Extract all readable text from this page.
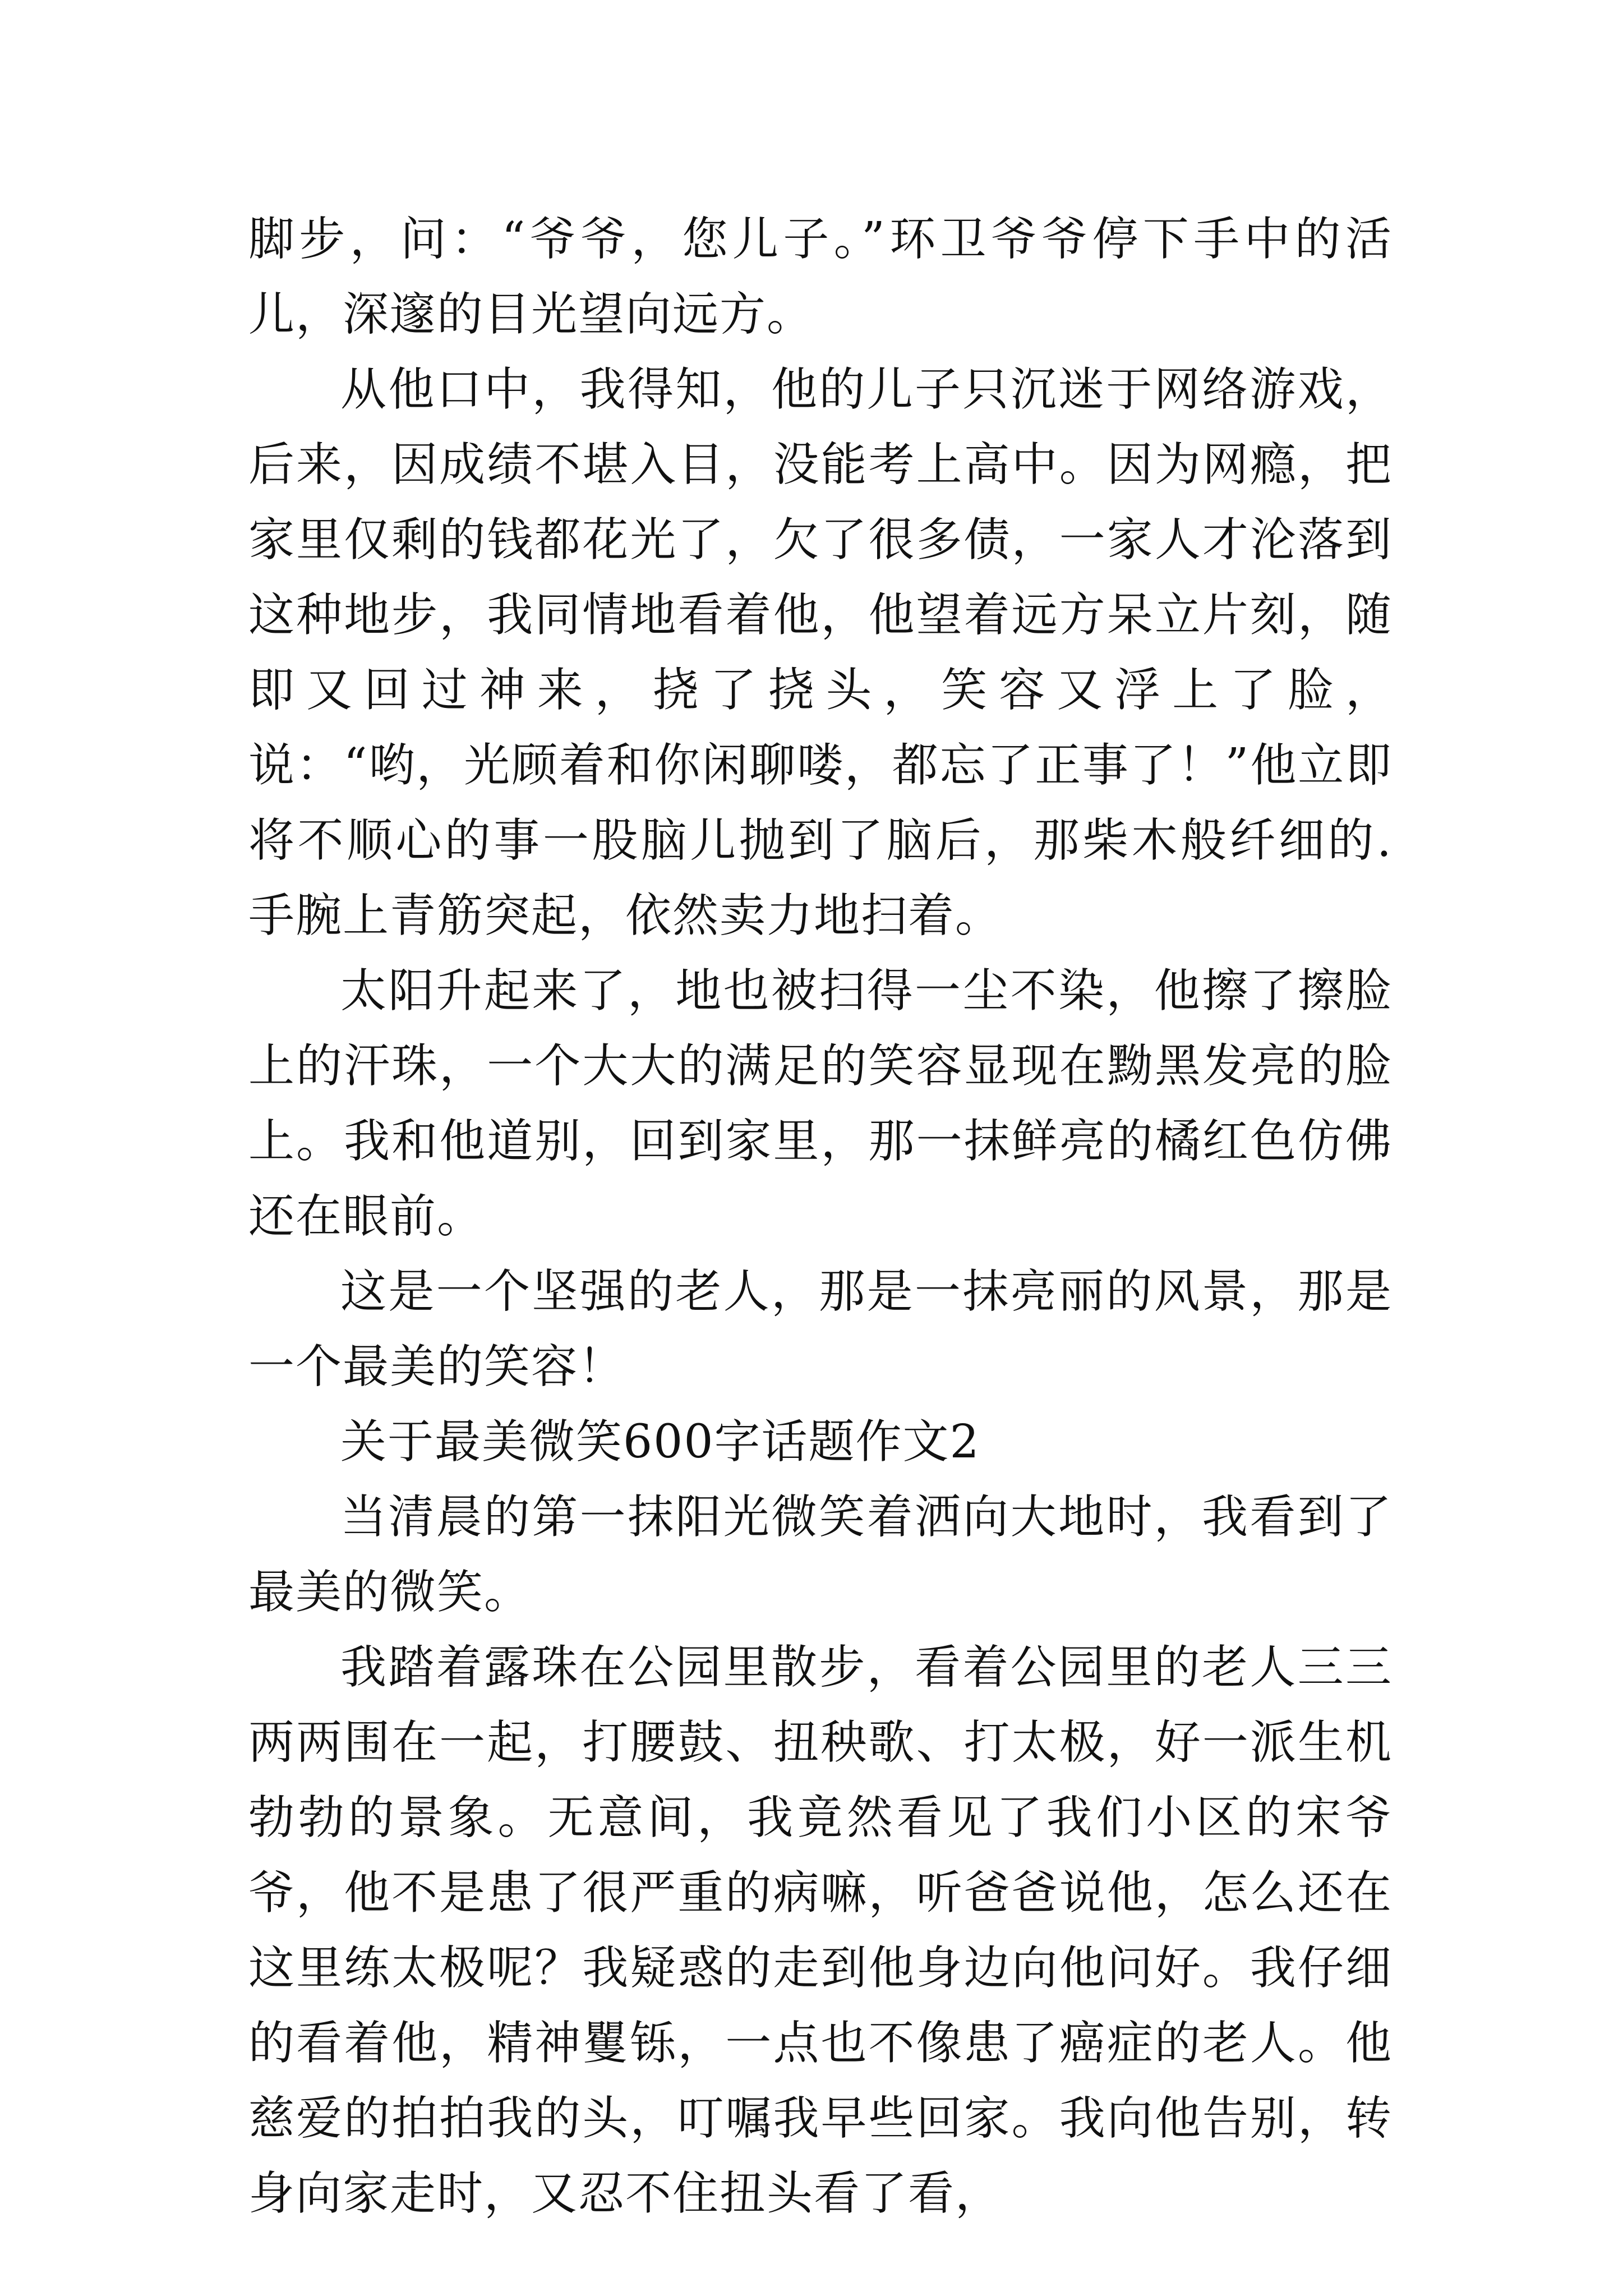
脚步，问：“爷爷，您儿子。”环卫爷爷停下手中的活儿，深邃的目光望向远方。

从他口中，我得知，他的儿子只沉迷于网络游戏，后来，因成绩不堪入目，没能考上高中。因为网瘾，把家里仅剩的钱都花光了，欠了很多债，一家人才沦落到这种地步，我同情地看着他，他望着远方呆立片刻，随即又回过神来，挠了挠头，笑容又浮上了脸，说：“哟，光顾着和你闲聊喽，都忘了正事了！”他立即将不顺心的事一股脑儿抛到了脑后，那柴木般纤细的.手腕上青筋突起，依然卖力地扫着。

太阳升起来了，地也被扫得一尘不染，他擦了擦脸上的汗珠，一个大大的满足的笑容显现在黝黑发亮的脸上。我和他道别，回到家里，那一抹鲜亮的橘红色仿佛还在眼前。

这是一个坚强的老人，那是一抹亮丽的风景，那是一个最美的笑容！

关于最美微笑600字话题作文2

当清晨的第一抹阳光微笑着洒向大地时，我看到了最美的微笑。

我踏着露珠在公园里散步，看着公园里的老人三三两两围在一起，打腰鼓、扭秧歌、打太极，好一派生机勃勃的景象。无意间，我竟然看见了我们小区的宋爷爷，他不是患了很严重的病嘛，听爸爸说他，怎么还在这里练太极呢？我疑惑的走到他身边向他问好。我仔细的看着他，精神矍铄，一点也不像患了癌症的老人。他慈爱的拍拍我的头，叮嘱我早些回家。我向他告别，转身向家走时，又忍不住扭头看了看，
